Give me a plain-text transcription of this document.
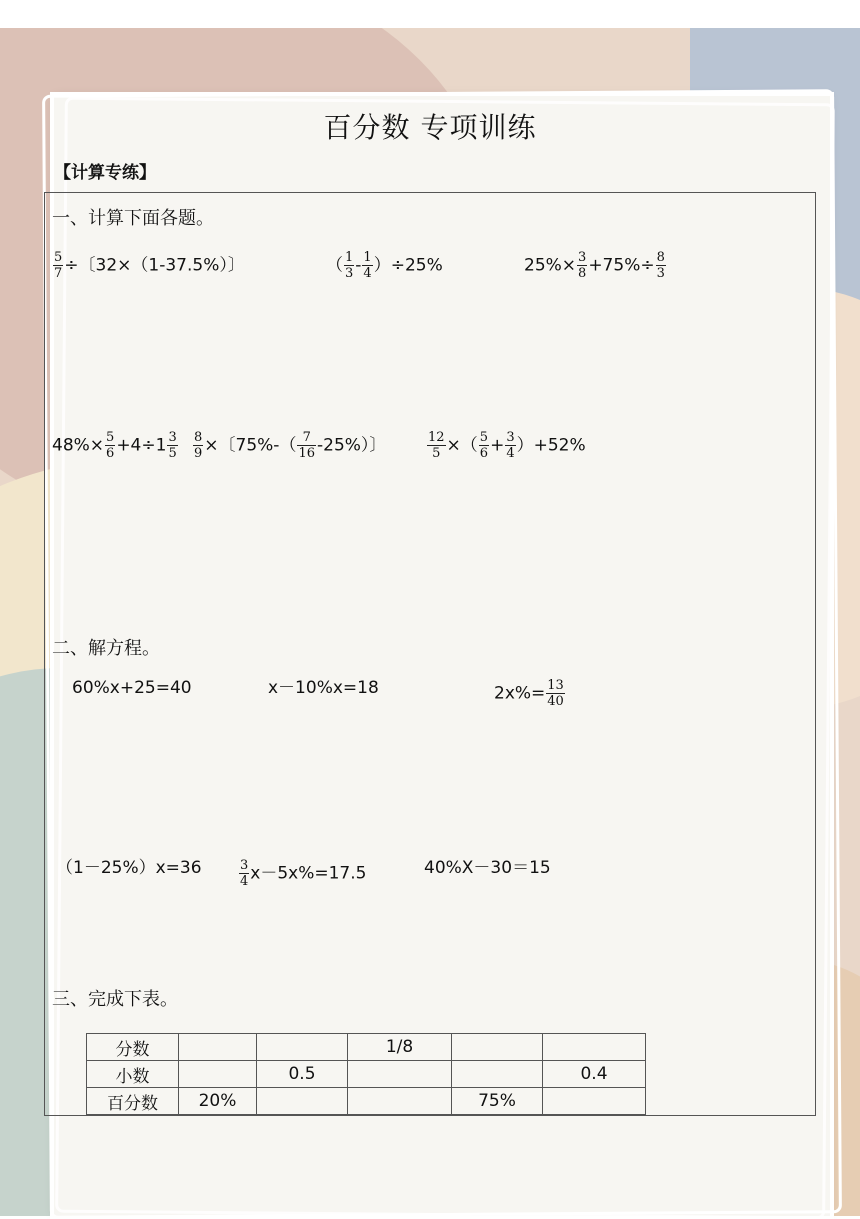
百分数 专项训练
【计算专练】
一、计算下面各题。
$\frac{5}{7}$ ÷〔32×（1-37.5%）〕	（ $\frac{1}{3} - \frac{1}{4} )\div 25\%$	$25\%\times \frac{3}{8} +75\%\div \frac{8}{3}$
$48\%\times \frac{5}{6} +4\div 1 \frac{3}{5} \frac{8}{9}$ ×〔$75\%-( \frac{7}{16} -25\%)$〕	$\frac{12}{5}$ ×（ $\frac{5}{6} + \frac{3}{4} )+52\%$
二、解方程。
60%x+25=40	x－10%x=18	$2x\%= \frac{13}{40}$
（1－25%）x=36	$\frac{3}{4} x-5x\%=17.5$	40%X－30＝15
三、完成下表。
分数			1/8		
小数		0.5			0.4
百分数	20%			75%	
